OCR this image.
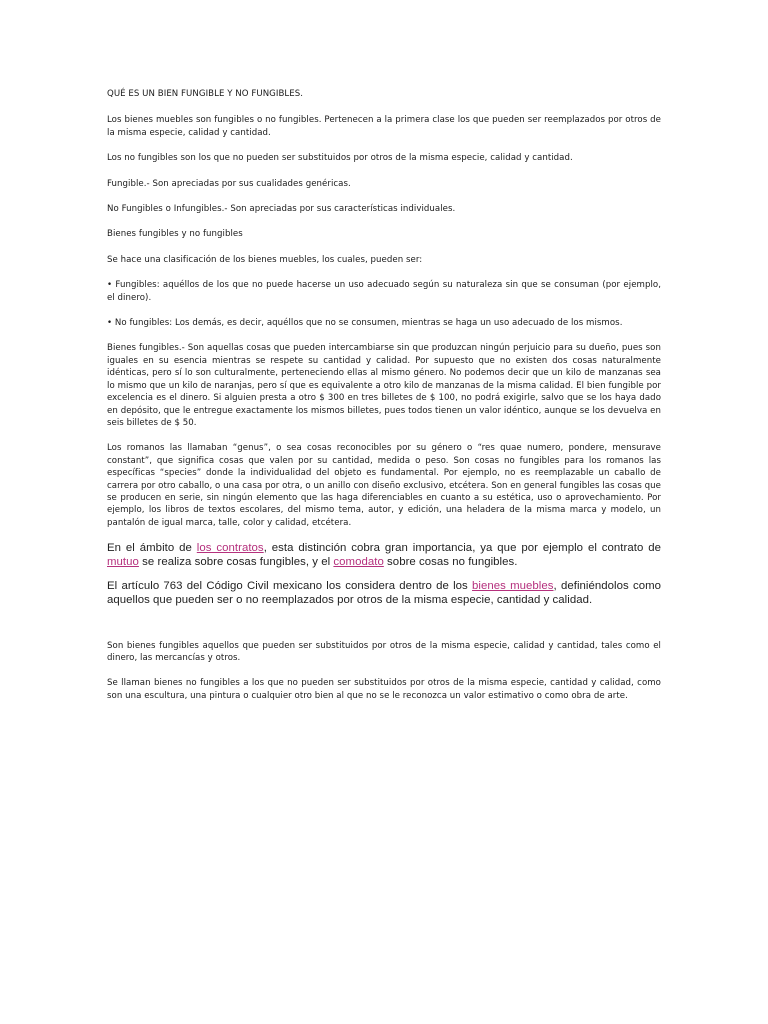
QUÉ ES UN BIEN FUNGIBLE Y NO FUNGIBLES.

Los bienes muebles son fungibles o no fungibles. Pertenecen a la primera clase los que pueden ser reemplazados por otros de la misma especie, calidad y cantidad.

Los no fungibles son los que no pueden ser substituidos por otros de la misma especie, calidad y cantidad.

Fungible.- Son apreciadas por sus cualidades genéricas.

No Fungibles o Infungibles.- Son apreciadas por sus características individuales.

Bienes fungibles y no fungibles

Se hace una clasificación de los bienes muebles, los cuales, pueden ser:

• Fungibles: aquéllos de los que no puede hacerse un uso adecuado según su naturaleza sin que se consuman (por ejemplo, el dinero).

• No fungibles: Los demás, es decir, aquéllos que no se consumen, mientras se haga un uso adecuado de los mismos.

Bienes fungibles.- Son aquellas cosas que pueden intercambiarse sin que produzcan ningún perjuicio para su dueño, pues son iguales en su esencia mientras se respete su cantidad y calidad. Por supuesto que no existen dos cosas naturalmente idénticas, pero sí lo son culturalmente, perteneciendo ellas al mismo género. No podemos decir que un kilo de manzanas sea lo mismo que un kilo de naranjas, pero sí que es equivalente a otro kilo de manzanas de la misma calidad. El bien fungible por excelencia es el dinero. Si alguien presta a otro $ 300 en tres billetes de $ 100, no podrá exigirle, salvo que se los haya dado en depósito, que le entregue exactamente los mismos billetes, pues todos tienen un valor idéntico, aunque se los devuelva en seis billetes de $ 50.

Los romanos las llamaban “genus”, o sea cosas reconocibles por su género o “res quae numero, pondere, mensurave constant”, que significa cosas que valen por su cantidad, medida o peso. Son cosas no fungibles para los romanos las específicas “species” donde la individualidad del objeto es fundamental. Por ejemplo, no es reemplazable un caballo de carrera por otro caballo, o una casa por otra, o un anillo con diseño exclusivo, etcétera. Son en general fungibles las cosas que se producen en serie, sin ningún elemento que las haga diferenciables en cuanto a su estética, uso o aprovechamiento. Por ejemplo, los libros de textos escolares, del mismo tema, autor, y edición, una heladera de la misma marca y modelo, un pantalón de igual marca, talle, color y calidad, etcétera.

En el ámbito de los contratos, esta distinción cobra gran importancia, ya que por ejemplo el contrato de mutuo se realiza sobre cosas fungibles, y el comodato sobre cosas no fungibles.

El artículo 763 del Código Civil mexicano los considera dentro de los bienes muebles, definiéndolos como aquellos que pueden ser o no reemplazados por otros de la misma especie, cantidad y calidad.

Son bienes fungibles aquellos que pueden ser substituidos por otros de la misma especie, calidad y cantidad, tales como el dinero, las mercancías y otros.

Se llaman bienes no fungibles a los que no pueden ser substituidos por otros de la misma especie, cantidad y calidad, como son una escultura, una pintura o cualquier otro bien al que no se le reconozca un valor estimativo o como obra de arte.
